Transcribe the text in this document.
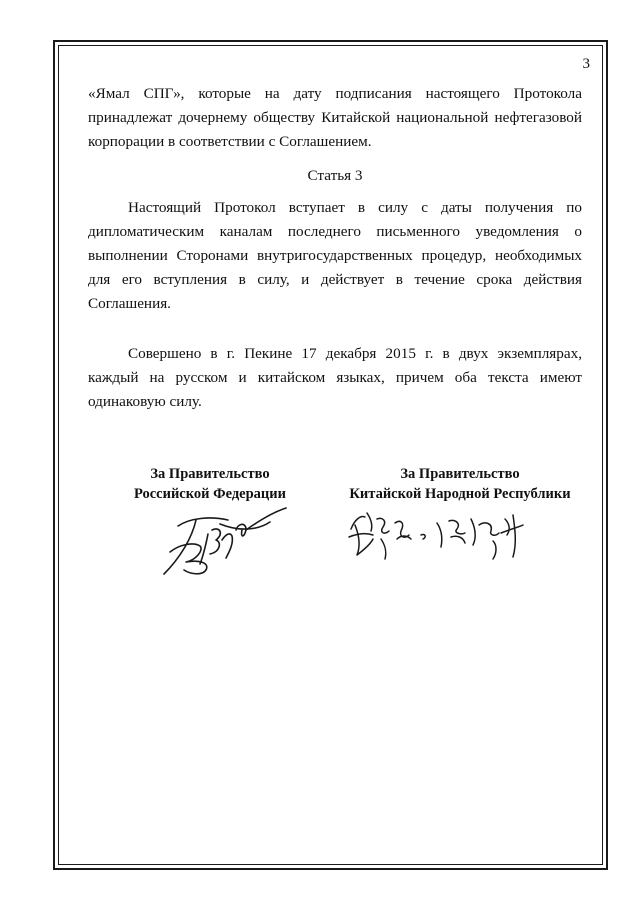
3

«Ямал СПГ», которые на дату подписания настоящего Протокола принадлежат дочернему обществу Китайской национальной нефтегазовой корпорации в соответствии с Соглашением.

Статья 3

Настоящий Протокол вступает в силу с даты получения по дипломатическим каналам последнего письменного уведомления о выполнении Сторонами внутригосударственных процедур, необходимых для его вступления в силу, и действует в течение срока действия Соглашения.

Совершено в г. Пекине 17 декабря 2015 г. в двух экземплярах, каждый на русском и китайском языках, причем оба текста имеют одинаковую силу.

За Правительство
Российской Федерации
За Правительство
Китайской Народной Республики
